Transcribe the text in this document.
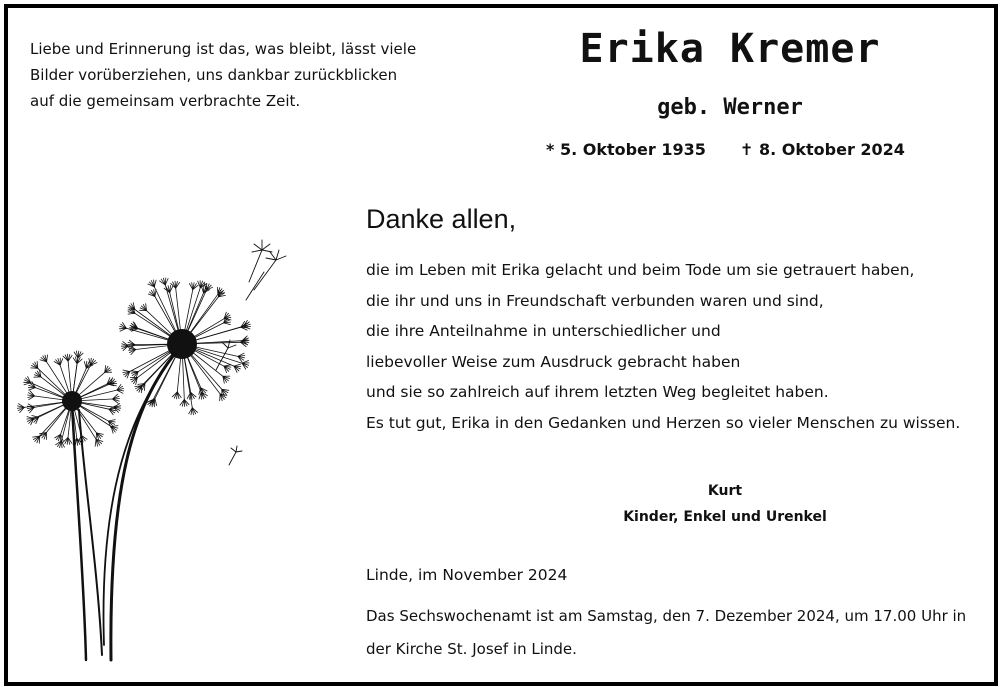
Liebe und Erinnerung ist das, was bleibt, lässt viele
Bilder vorüberziehen, uns dankbar zurückblicken
auf die gemeinsam verbrachte Zeit.
Erika Kremer
geb. Werner
* 5. Oktober 1935 ✝ 8. Oktober 2024
Danke allen,
die im Leben mit Erika gelacht und beim Tode um sie getrauert haben,
die ihr und uns in Freundschaft verbunden waren und sind,
die ihre Anteilnahme in unterschiedlicher und
liebevoller Weise zum Ausdruck gebracht haben
und sie so zahlreich auf ihrem letzten Weg begleitet haben.
Es tut gut, Erika in den Gedanken und Herzen so vieler Menschen zu wissen.
Kurt
Kinder, Enkel und Urenkel
Linde, im November 2024
Das Sechswochenamt ist am Samstag, den 7. Dezember 2024, um 17.00 Uhr in
der Kirche St. Josef in Linde.
